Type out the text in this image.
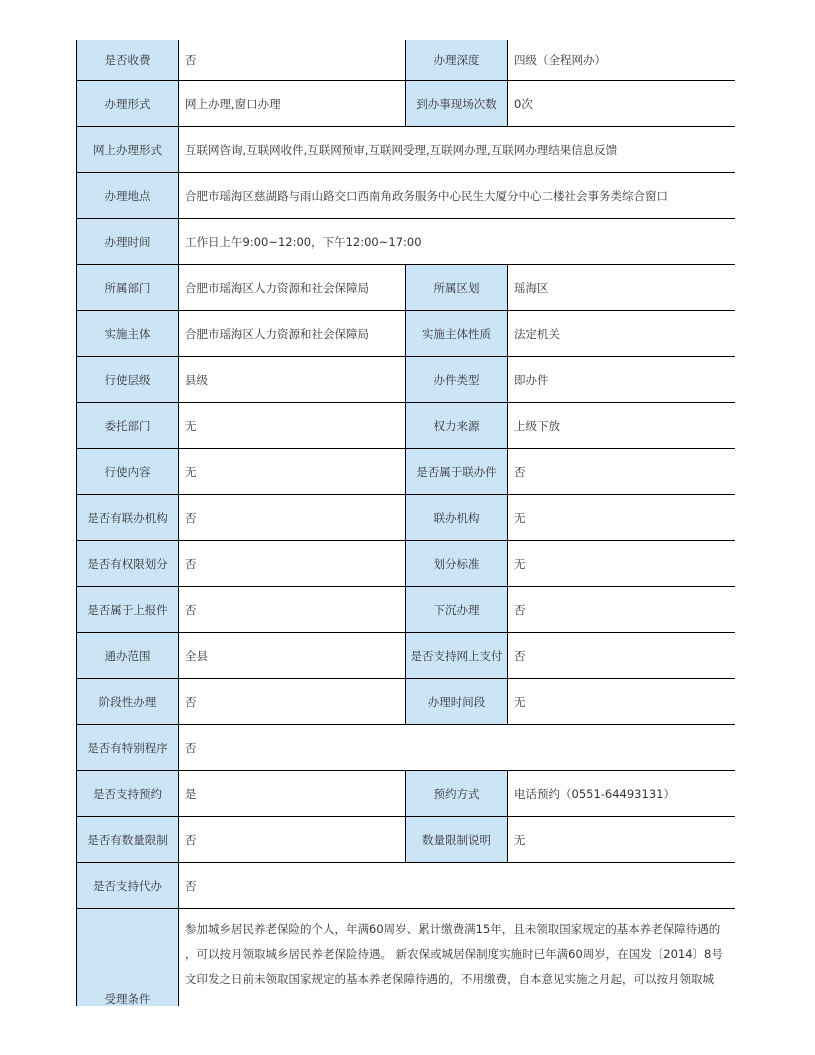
是否收费	否	办理深度	四级（全程网办）
办理形式	网上办理,窗口办理	到办事现场次数	0次
网上办理形式	互联网咨询,互联网收件,互联网预审,互联网受理,互联网办理,互联网办理结果信息反馈		
办理地点	合肥市瑶海区慈湖路与雨山路交口西南角政务服务中心民生大厦分中心二楼社会事务类综合窗口		
办理时间	工作日上午9:00~12:00，下午12:00~17:00		
所属部门	合肥市瑶海区人力资源和社会保障局	所属区划	瑶海区
实施主体	合肥市瑶海区人力资源和社会保障局	实施主体性质	法定机关
行使层级	县级	办件类型	即办件
委托部门	无	权力来源	上级下放
行使内容	无	是否属于联办件	否
是否有联办机构	否	联办机构	无
是否有权限划分	否	划分标准	无
是否属于上报件	否	下沉办理	否
通办范围	全县	是否支持网上支付	否
阶段性办理	否	办理时间段	无
是否有特别程序	否		
是否支持预约	是	预约方式	电话预约（0551-64493131）
是否有数量限制	否	数量限制说明	无
是否支持代办	否		
受理条件	参加城乡居民养老保险的个人，年满60周岁、累计缴费满15年，且未领取国家规定的基本养老保障待遇的

，可以按月领取城乡居民养老保险待遇。 新农保或城居保制度实施时已年满60周岁，在国发〔2014〕8号

文印发之日前未领取国家规定的基本养老保障待遇的，不用缴费，自本意见实施之月起，可以按月领取城		
